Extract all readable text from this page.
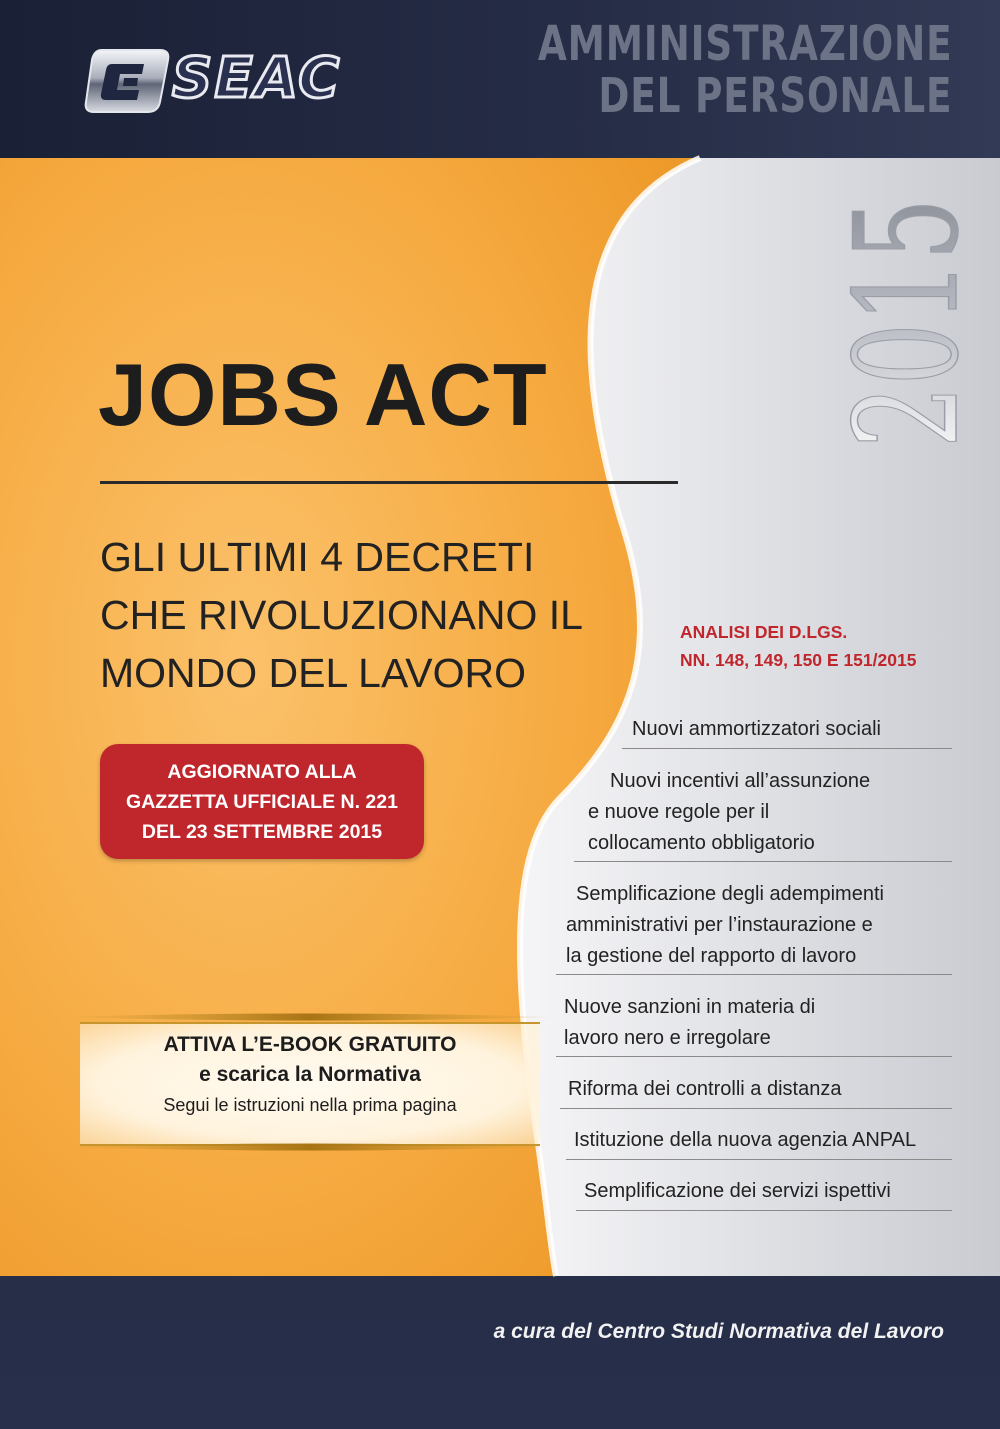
SEAC
AMMINISTRAZIONE
DEL PERSONALE
2015
JOBS ACT
GLI ULTIMI 4 DECRETI
CHE RIVOLUZIONANO IL
MONDO DEL LAVORO
AGGIORNATO ALLA
GAZZETTA UFFICIALE N. 221
DEL 23 SETTEMBRE 2015
ATTIVA L’E-BOOK GRATUITO
e scarica la Normativa
Segui le istruzioni nella prima pagina
ANALISI DEI D.LGS.
NN. 148, 149, 150 E 151/2015
Nuovi ammortizzatori sociali
Nuovi incentivi all’assunzione
e nuove regole per il
collocamento obbligatorio
Semplificazione degli adempimenti
amministrativi per l’instaurazione e
la gestione del rapporto di lavoro
Nuove sanzioni in materia di
lavoro nero e irregolare
Riforma dei controlli a distanza
Istituzione della nuova agenzia ANPAL
Semplificazione dei servizi ispettivi
a cura del Centro Studi Normativa del Lavoro
